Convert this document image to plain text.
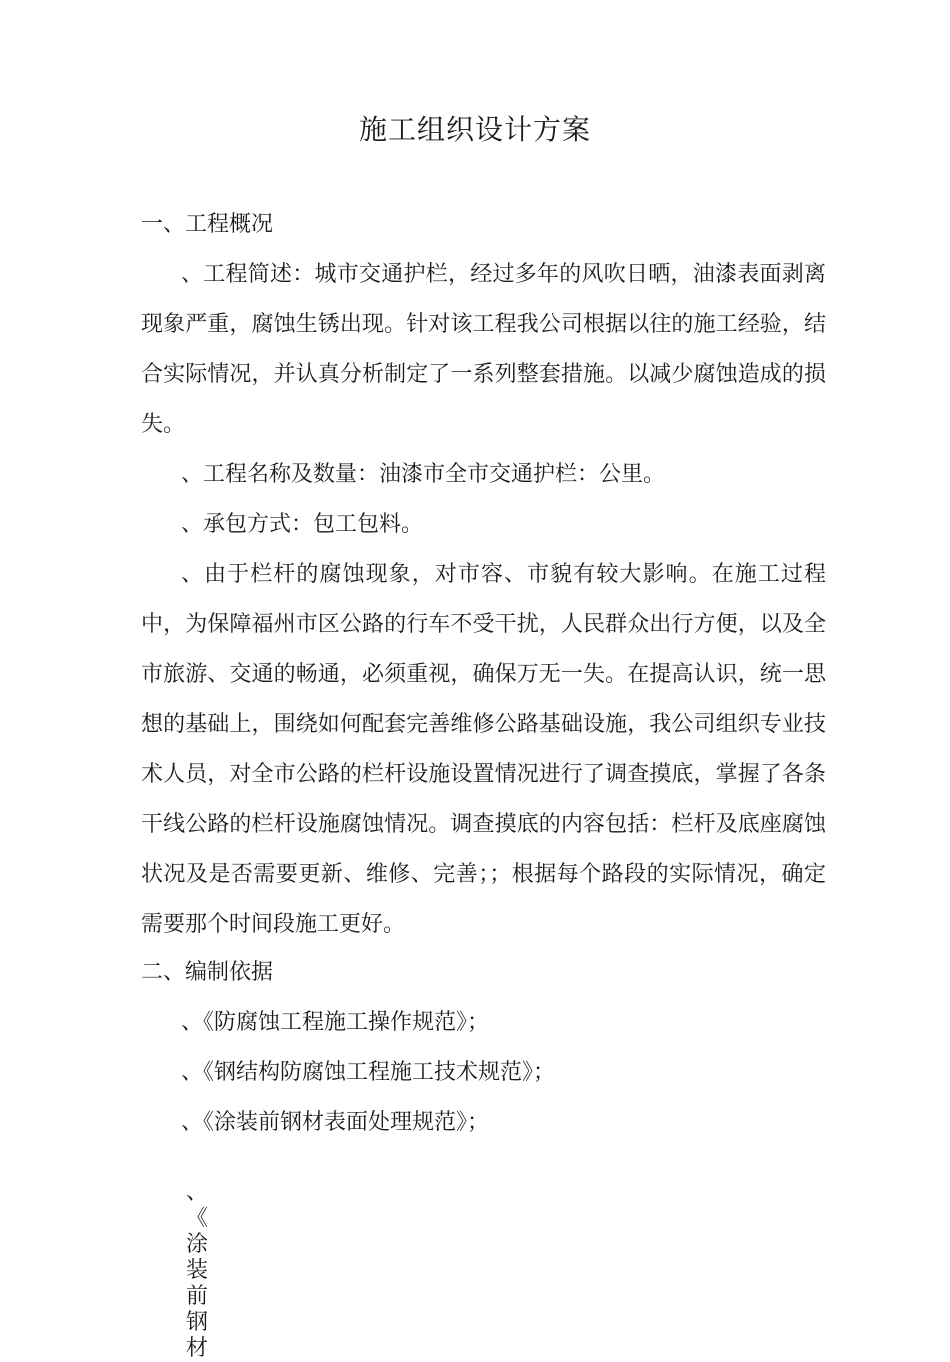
施工组织设计方案
一、工程概况
、工程简述：城市交通护栏，经过多年的风吹日晒，油漆表面剥离现象严重，腐蚀生锈出现。针对该工程我公司根据以往的施工经验，结合实际情况，并认真分析制定了一系列整套措施。以减少腐蚀造成的损失。
、工程名称及数量：油漆市全市交通护栏：公里。
、承包方式：包工包料。
、由于栏杆的腐蚀现象，对市容、市貌有较大影响。在施工过程中，为保障福州市区公路的行车不受干扰，人民群众出行方便，以及全市旅游、交通的畅通，必须重视，确保万无一失。在提高认识，统一思想的基础上，围绕如何配套完善维修公路基础设施，我公司组织专业技术人员，对全市公路的栏杆设施设置情况进行了调查摸底，掌握了各条干线公路的栏杆设施腐蚀情况。调查摸底的内容包括：栏杆及底座腐蚀状况及是否需要更新、维修、完善；；根据每个路段的实际情况，确定需要那个时间段施工更好。
二、编制依据
、《防腐蚀工程施工操作规范》；
、《钢结构防腐蚀工程施工技术规范》；
、《涂装前钢材表面处理规范》；
、
《
涂
装
前
钢
材
